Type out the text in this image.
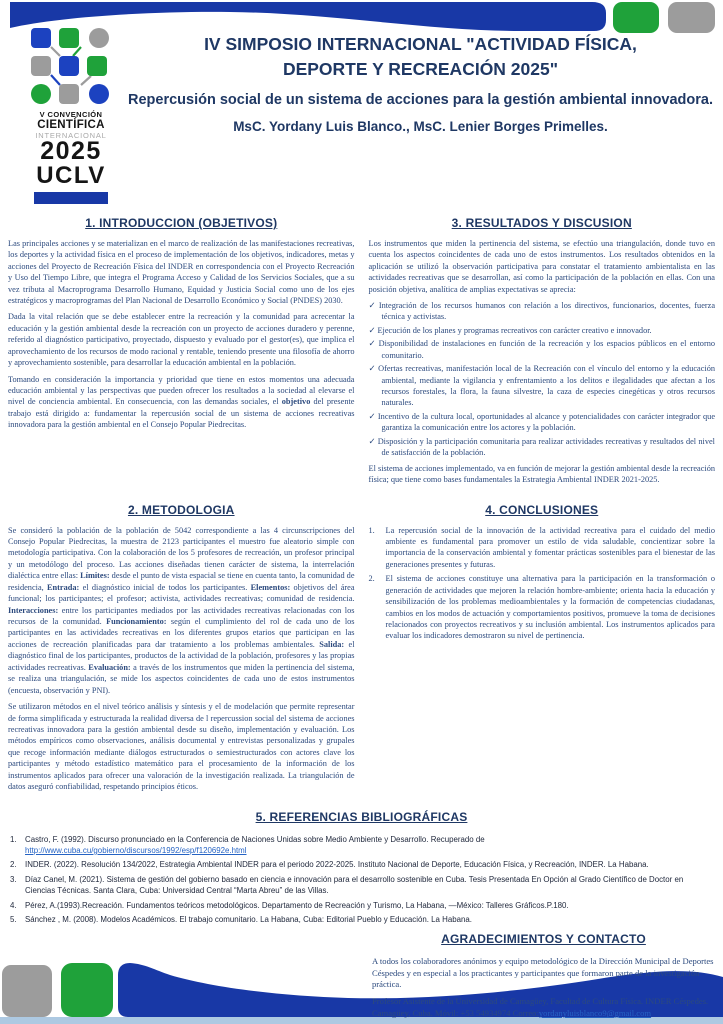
V CONVENCIÓN
CIENTÍFICA
INTERNACIONAL
2025
UCLV
IV SIMPOSIO INTERNACIONAL "ACTIVIDAD FÍSICA,
DEPORTE Y RECREACIÓN 2025"
Repercusión social de un sistema de acciones para la gestión ambiental innovadora.
MsC. Yordany Luis Blanco., MsC. Lenier Borges Primelles.
1. INTRODUCCION (OBJETIVOS)

Las principales acciones y se materializan en el marco de realización de las manifestaciones recreativas, los deportes y la actividad física en el proceso de implementación de los objetivos, indicadores, metas y acciones del Proyecto de Recreación Física del INDER en correspondencia con el Proyecto Recreación y Uso del Tiempo Libre, que integra el Programa Acceso y Calidad de los Servicios Sociales, que a su vez tributa al Macroprograma Desarrollo Humano, Equidad y Justicia Social como uno de los ejes estratégicos y macroprogramas del Plan Nacional de Desarrollo Económico y Social (PNDES) 2030.

Dada la vital relación que se debe establecer entre la recreación y la comunidad para acrecentar la educación y la gestión ambiental desde la recreación con un proyecto de acciones duradero y perenne, referido al diagnóstico participativo, proyectado, dispuesto y evaluado por el gestor(es), que implica el aprovechamiento de los recursos de modo racional y rentable, teniendo presente una filosofía de ahorro y aprovechamiento sostenible, para desarrollar la educación ambiental en la población.

Tomando en consideración la importancia y prioridad que tiene en estos momentos una adecuada educación ambiental y las perspectivas que pueden ofrecer los resultados a la sociedad al elevarse el nivel de conciencia ambiental. En consecuencia, con las demandas sociales, el objetivo del presente trabajo está dirigido a: fundamentar la repercusión social de un sistema de acciones recreativas innovadora para la gestión ambiental en el Consejo Popular Piedrecitas.

3. RESULTADOS Y DISCUSION

Los instrumentos que miden la pertinencia del sistema, se efectúo una triangulación, donde tuvo en cuenta los aspectos coincidentes de cada uno de estos instrumentos. Los resultados obtenidos en la aplicación se utilizó la observación participativa para constatar el tratamiento ambientalista en las actividades recreativas que se desarrollan, así como la participación de la población en ellas. Con una posición objetiva, analítica de amplias expectativas se aprecia:

✓ Integración de los recursos humanos con relación a los directivos, funcionarios, docentes, fuerza técnica y activistas.
✓ Ejecución de los planes y programas recreativos con carácter creativo e innovador.
✓ Disponibilidad de instalaciones en función de la recreación y los espacios públicos en el entorno comunitario.
✓ Ofertas recreativas, manifestación local de la Recreación con el vínculo del entorno y la educación ambiental, mediante la vigilancia y enfrentamiento a los delitos e ilegalidades que afectan a los recursos forestales, la flora, la fauna silvestre, la caza de especies cinegéticas y otros recursos naturales.
✓ Incentivo de la cultura local, oportunidades al alcance y potencialidades con carácter integrador que garantiza la comunicación entre los actores y la población.
✓ Disposición y la participación comunitaria para realizar actividades recreativas y resultados del nivel de satisfacción de la población.

El sistema de acciones implementado, va en función de mejorar la gestión ambiental desde la recreación física; que tiene como bases fundamentales la Estrategia Ambiental INDER 2021-2025.

2. METODOLOGIA

Se consideró la población de la población de 5042 correspondiente a las 4 circunscripciones del Consejo Popular Piedrecitas, la muestra de 2123 participantes el muestro fue aleatorio simple con metodología participativa. Con la colaboración de los 5 profesores de recreación, un profesor principal y un metodólogo del proceso. Las acciones diseñadas tienen carácter de sistema, la interrelación dialéctica entre ellas: Límites: desde el punto de vista espacial se tiene en cuenta tanto, la comunidad de residencia, Entrada: el diagnóstico inicial de todos los participantes. Elementos: objetivos del área funcional; los participantes; el profesor; activista, actividades recreativas; comunidad de residencia. Interacciones: entre los participantes mediados por las actividades recreativas relacionadas con los recursos de la comunidad. Funcionamiento: según el cumplimiento del rol de cada uno de los participantes en las actividades recreativas en los diferentes grupos etarios que participan en las acciones de recreación planificadas para dar tratamiento a los problemas ambientales. Salida: el diagnóstico final de los participantes, productos de la actividad de la población, profesores y las propias actividades recreativas. Evaluación: a través de los instrumentos que miden la pertinencia del sistema, se realiza una triangulación, se mide los aspectos coincidentes de cada uno de estos instrumentos (encuesta, observación y PNI).

Se utilizaron métodos en el nivel teórico análisis y síntesis y el de modelación que permite representar de forma simplificada y estructurada la realidad diversa de l repercussion social del sistema de acciones recreativas innovadora para la gestión ambiental desde su diseño, implementación y evaluación. Los métodos empíricos como observaciones, análisis documental y entrevistas personalizadas y grupales que recoge información mediante diálogos estructurados o semiestructurados con actores clave los participantes y método estadístico matemático para el procesamiento de la información de los instrumentos aplicados para ofrecer una valoración de la investigación realizada. La triangulación de datos aseguró confiabilidad, respetando principios éticos.

4. CONCLUSIONES
1.	La repercusión social de la innovación de la actividad recreativa para el cuidado del medio ambiente es fundamental para promover un estilo de vida saludable, concientizar sobre la importancia de la conservación ambiental y fomentar prácticas sostenibles para el bienestar de las generaciones presentes y futuras.
2.	El sistema de acciones constituye una alternativa para la participación en la transformación o generación de actividades que mejoren la relación hombre-ambiente; orienta hacia la educación y sensibilización de los problemas medioambientales y la formación de competencias ciudadanas, cambios en los modos de actuación y comportamientos positivos, promueve la toma de decisiones relacionados con proyectos recreativos y su inclusión ambiental. Los instrumentos aplicados para evaluar los indicadores demostraron su nivel de pertinencia.
5. REFERENCIAS BIBLIOGRÁFICAS
1.	Castro, F. (1992). Discurso pronunciado en la Conferencia de Naciones Unidas sobre Medio Ambiente y Desarrollo. Recuperado de
http://www.cuba.cu/gobierno/discursos/1992/esp/f120692e.html
2.	INDER. (2022). Resolución 134/2022, Estrategia Ambiental INDER para el periodo 2022-2025. Instituto Nacional de Deporte, Educación Física, y Recreación, INDER. La Habana.
3.	Díaz Canel, M. (2021). Sistema de gestión del gobierno basado en ciencia e innovación para el desarrollo sostenible en Cuba. Tesis Presentada En Opción al Grado Científico de Doctor en Ciencias Técnicas. Santa Clara, Cuba: Universidad Central “Marta Abreu” de las Villas.
4.	Pérez, A.(1993).Recreación. Fundamentos teóricos metodológicos. Departamento de Recreación y Turismo, La Habana, —México: Talleres Gráficos.P.180.
5.	Sánchez , M. (2008). Modelos Académicos. El trabajo comunitario. La Habana, Cuba: Editorial Pueblo y Educación. La Habana.
AGRADECIMIENTOS Y CONTACTO

A todos los colaboradores anónimos y equipo metodológico de la Dirección Municipal de Deportes Céspedes y en especial a los practicantes y participantes que formaron parte de la investigación práctica.

Profesor Asistente de la Universidad de Camagüey, Facultad de Cultura Física. INDER Céspedes. Camagüey, Cuba. Móvil: +53 54934974 Correo:yordanyluisblanco9@gmail.com
